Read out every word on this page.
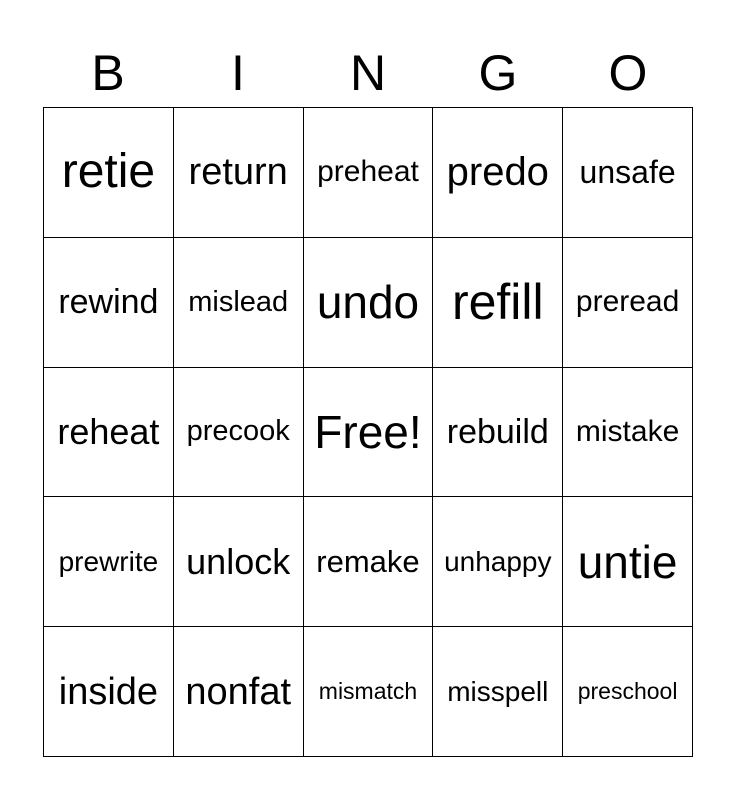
B	I	N	G	O
retie return preheat predo unsafe
rewind	mislead undo refill	preread
reheat precook Free! rebuild mistake
prewrite unlock remake unhappy untie
inside nonfat	mismatch	misspell	preschool
